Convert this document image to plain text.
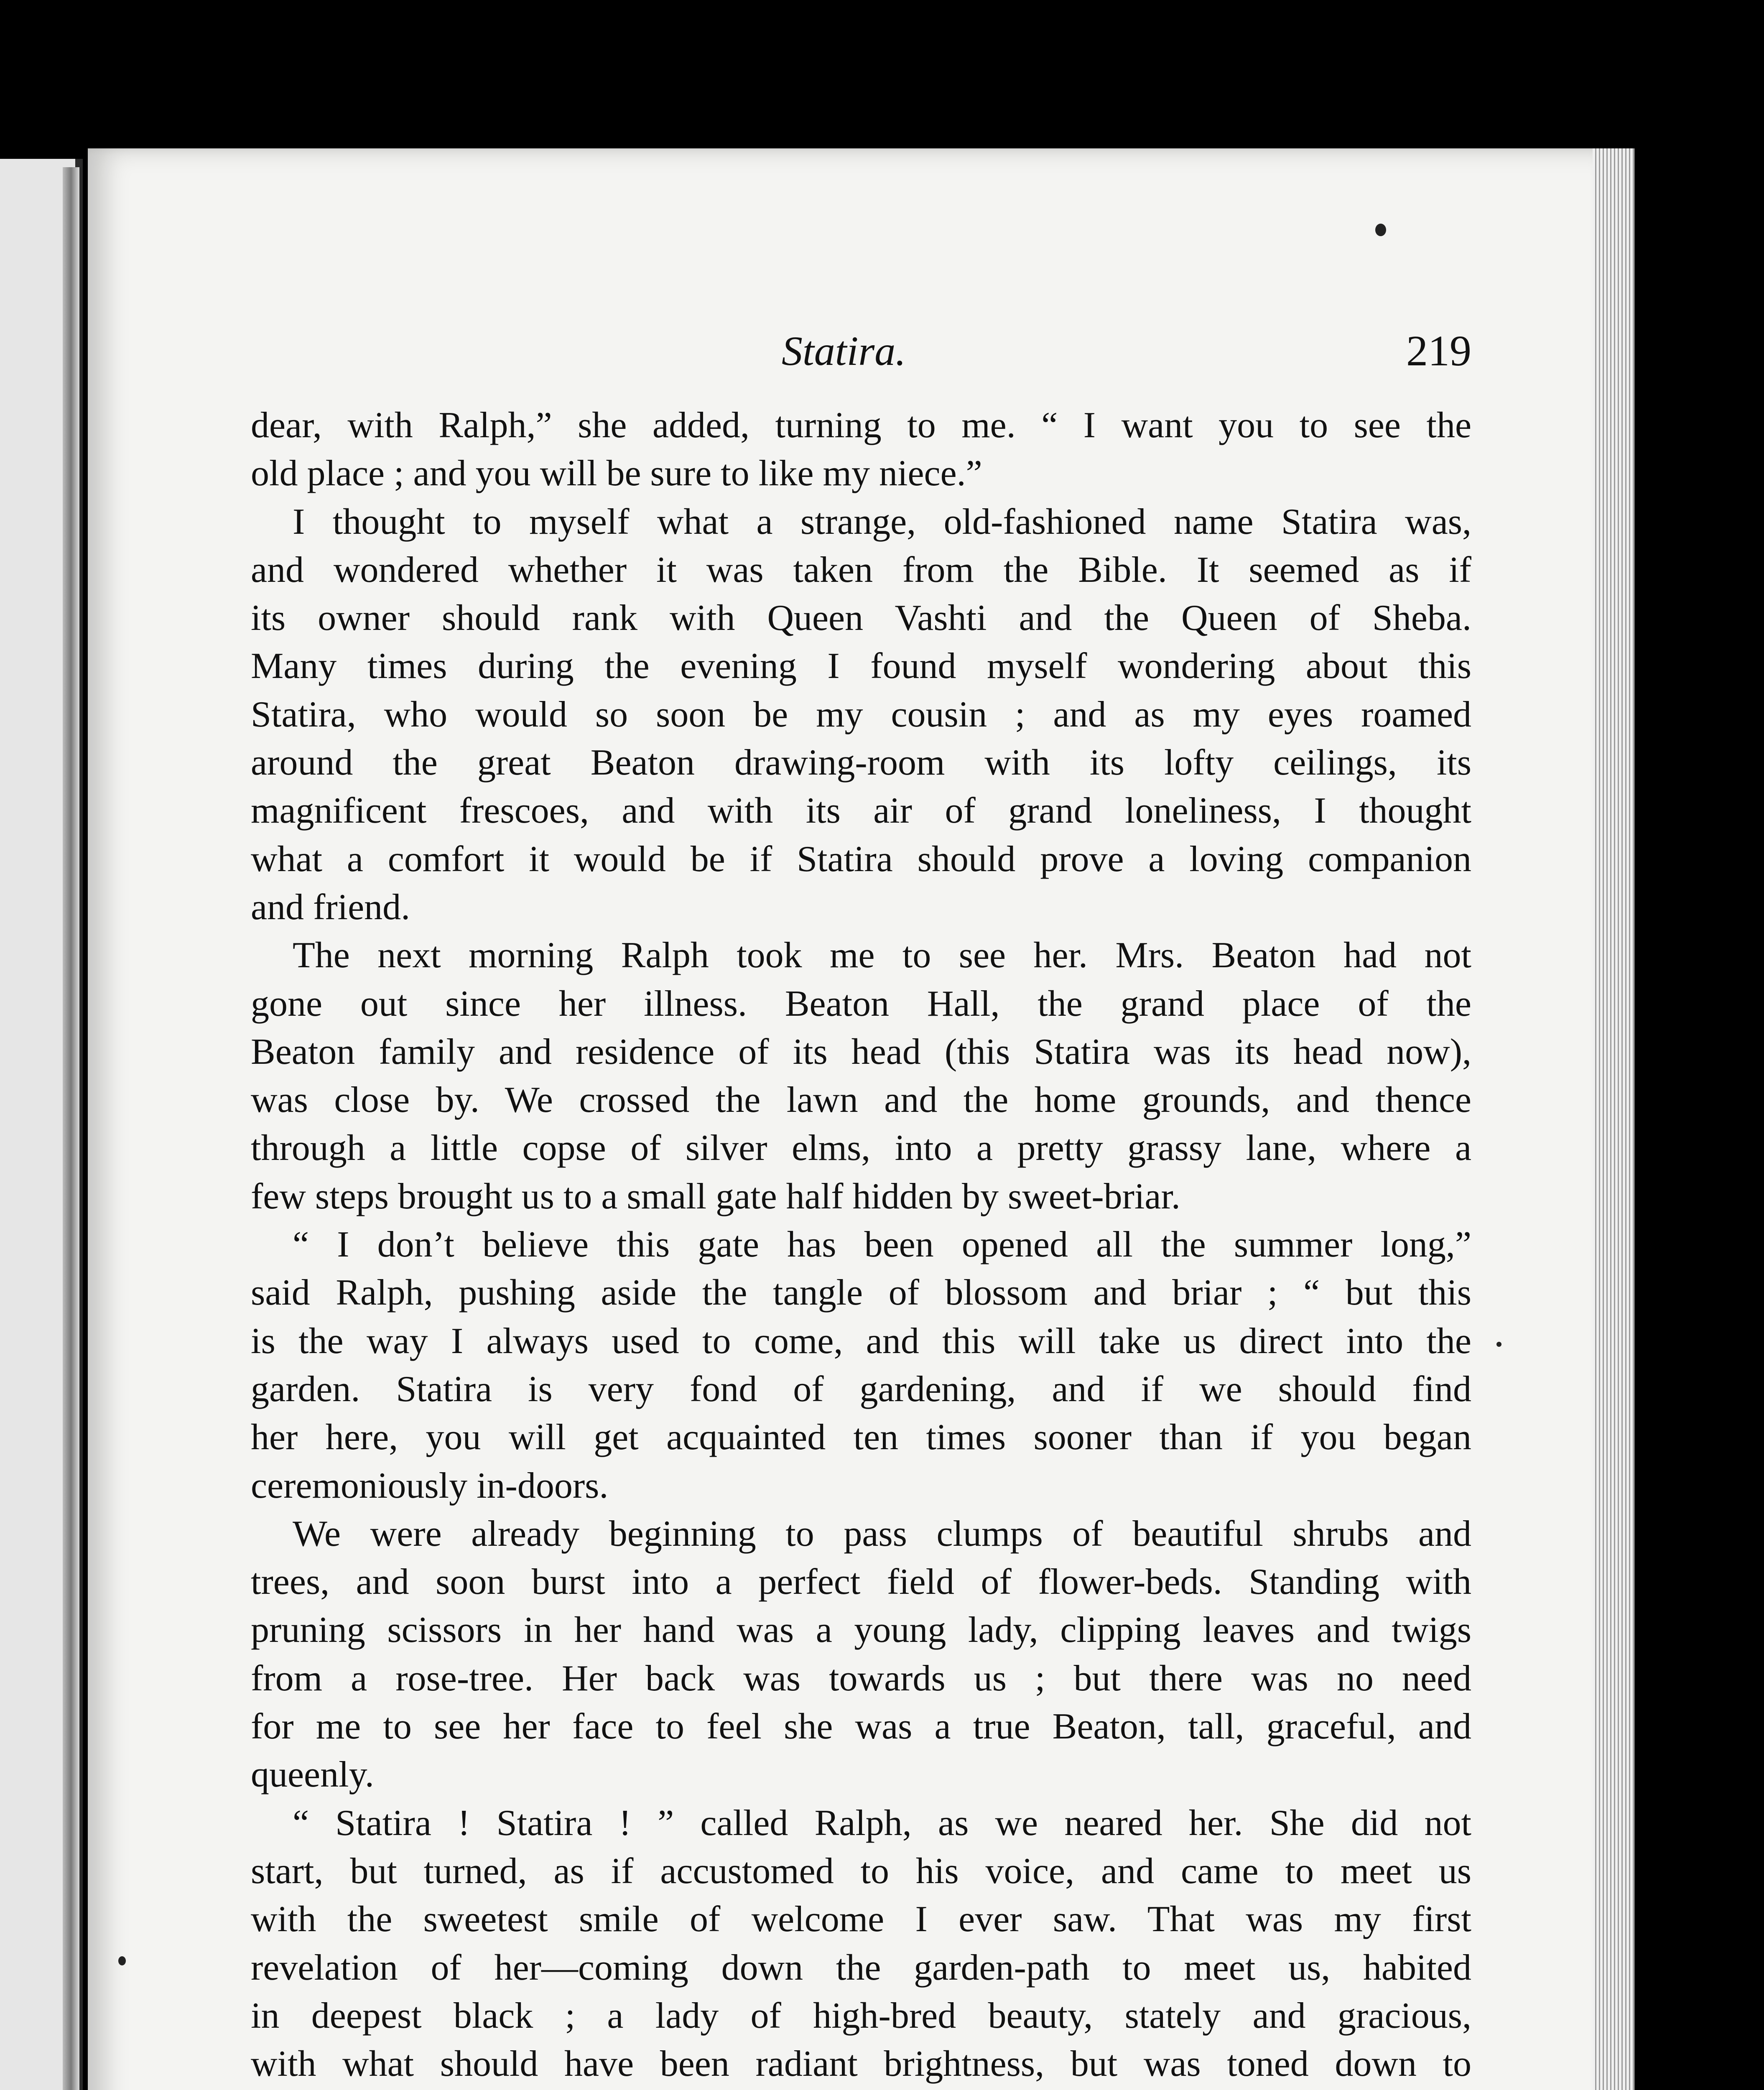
Statira.	219
dear, with Ralph,” she added, turning to me. “ I want you to see the
old place ; and you will be sure to like my niece.”
I thought to myself what a strange, old-fashioned name Statira was,
and wondered whether it was taken from the Bible. It seemed as if
its owner should rank with Queen Vashti and the Queen of Sheba.
Many times during the evening I found myself wondering about this
Statira, who would so soon be my cousin ; and as my eyes roamed
around the great Beaton drawing-room with its lofty ceilings, its
magnificent frescoes, and with its air of grand loneliness, I thought
what a comfort it would be if Statira should prove a loving companion
and friend.
The next morning Ralph took me to see her. Mrs. Beaton had not
gone out since her illness. Beaton Hall, the grand place of the
Beaton family and residence of its head (this Statira was its head now),
was close by. We crossed the lawn and the home grounds, and thence
through a little copse of silver elms, into a pretty grassy lane, where a
few steps brought us to a small gate half hidden by sweet-briar.
“ I don’t believe this gate has been opened all the summer long,”
said Ralph, pushing aside the tangle of blossom and briar ; “ but this
is the way I always used to come, and this will take us direct into the
garden. Statira is very fond of gardening, and if we should find
her here, you will get acquainted ten times sooner than if you began
ceremoniously in-doors.
We were already beginning to pass clumps of beautiful shrubs and
trees, and soon burst into a perfect field of flower-beds. Standing with
pruning scissors in her hand was a young lady, clipping leaves and twigs
from a rose-tree. Her back was towards us ; but there was no need
for me to see her face to feel she was a true Beaton, tall, graceful, and
queenly.
“ Statira ! Statira ! ” called Ralph, as we neared her. She did not
start, but turned, as if accustomed to his voice, and came to meet us
with the sweetest smile of welcome I ever saw. That was my first
revelation of her—coming down the garden-path to meet us, habited
in deepest black ; a lady of high-bred beauty, stately and gracious,
with what should have been radiant brightness, but was toned down to
